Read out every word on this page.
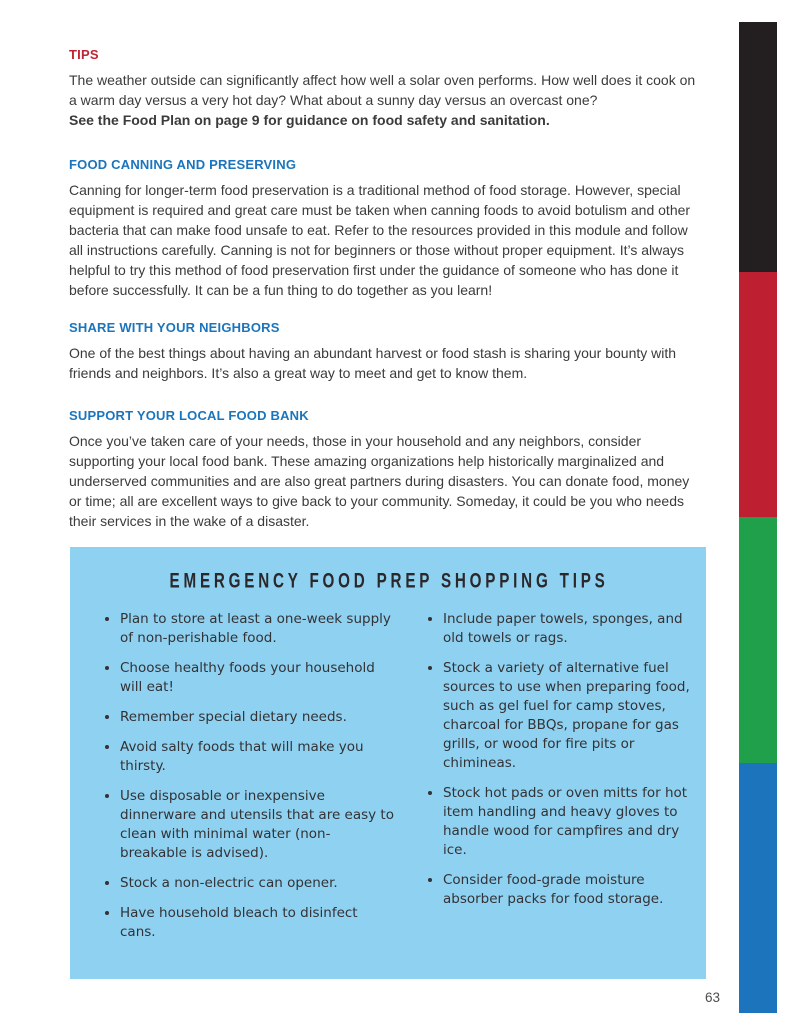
TIPS

The weather outside can significantly affect how well a solar oven performs. How well does it cook on a warm day versus a very hot day? What about a sunny day versus an overcast one?
See the Food Plan on page 9 for guidance on food safety and sanitation.

FOOD CANNING AND PRESERVING

Canning for longer-term food preservation is a traditional method of food storage. However, special equipment is required and great care must be taken when canning foods to avoid botulism and other bacteria that can make food unsafe to eat. Refer to the resources provided in this module and follow all instructions carefully. Canning is not for beginners or those without proper equipment. It’s always helpful to try this method of food preservation first under the guidance of someone who has done it before successfully. It can be a fun thing to do together as you learn!

SHARE WITH YOUR NEIGHBORS

One of the best things about having an abundant harvest or food stash is sharing your bounty with friends and neighbors. It’s also a great way to meet and get to know them.

SUPPORT YOUR LOCAL FOOD BANK

Once you’ve taken care of your needs, those in your household and any neighbors, consider supporting your local food bank. These amazing organizations help historically marginalized and underserved communities and are also great partners during disasters. You can donate food, money or time; all are excellent ways to give back to your community. Someday, it could be you who needs their services in the wake of a disaster.

EMERGENCY FOOD PREP SHOPPING TIPS
• Plan to store at least a one-week supply of non-perishable food.
• Choose healthy foods your household will eat!
• Remember special dietary needs.
• Avoid salty foods that will make you thirsty.
• Use disposable or inexpensive dinnerware and utensils that are easy to clean with minimal water (non-breakable is advised).
• Stock a non-electric can opener.
• Have household bleach to disinfect cans.
• Include paper towels, sponges, and old towels or rags.
• Stock a variety of alternative fuel sources to use when preparing food, such as gel fuel for camp stoves, charcoal for BBQs, propane for gas grills, or wood for fire pits or chimineas.
• Stock hot pads or oven mitts for hot item handling and heavy gloves to handle wood for campfires and dry ice.
• Consider food-grade moisture absorber packs for food storage.
63
